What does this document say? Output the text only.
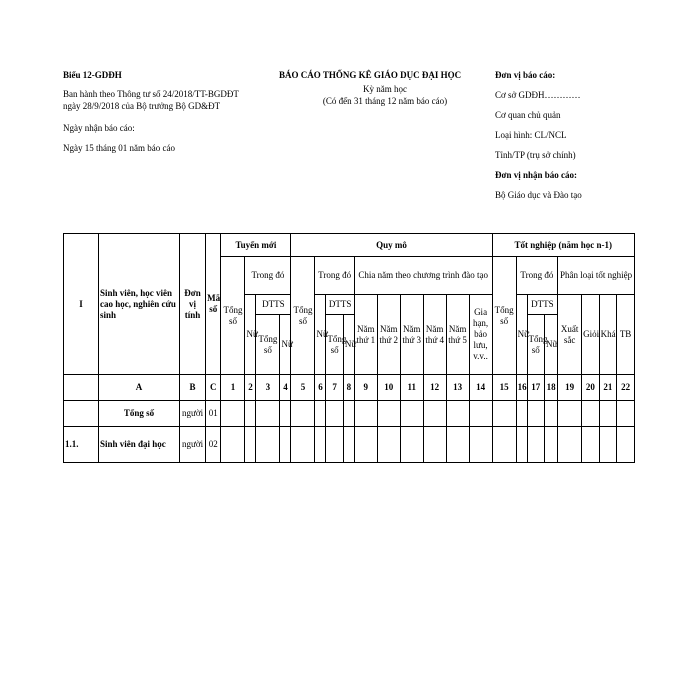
Biểu 12-GDĐH
Ban hành theo Thông tư số 24/2018/TT-BGDĐT
ngày 28/9/2018 của Bộ trưởng Bộ GD&ĐT
Ngày nhận báo cáo:
Ngày 15 tháng 01 năm báo cáo
BÁO CÁO THỐNG KÊ GIÁO DỤC ĐẠI HỌC
Kỳ năm học
(Có đến 31 tháng 12 năm báo cáo)
Đơn vị báo cáo:
Cơ sở GDĐH…………
Cơ quan chủ quản
Loại hình: CL/NCL
Tỉnh/TP (trụ sở chính)
Đơn vị nhận báo cáo:
Bộ Giáo dục và Đào tạo
I	Sinh viên, học viên cao học, nghiên cứu sinh	Đơn vị tính	Mã số	Tuyển mới				Quy mô										Tốt nghiệp (năm học n-1)							
				Tổng số	Trong đó			Tổng số	Trong đó			Chia năm theo chương trình đào tạo						Tổng số	Trong đó			Phân loại tốt nghiệp			
					Nữ	DTTS			Nữ	DTTS		Năm thứ 1	Năm thứ 2	Năm thứ 3	Năm thứ 4	Năm thứ 5	Gia hạn, bảo lưu, v.v..		Nữ	DTTS		Xuất sắc	Giỏi	Khá	TB
						Tổng số	Nữ			Tổng số	Nữ									Tổng số	Nữ				
	A	B	C	1	2	3	4	5	6	7	8	9	10	11	12	13	14	15	16	17	18	19	20	21	22
	Tổng số	người	01																						
1.1.	Sinh viên đại học	người	02																						
